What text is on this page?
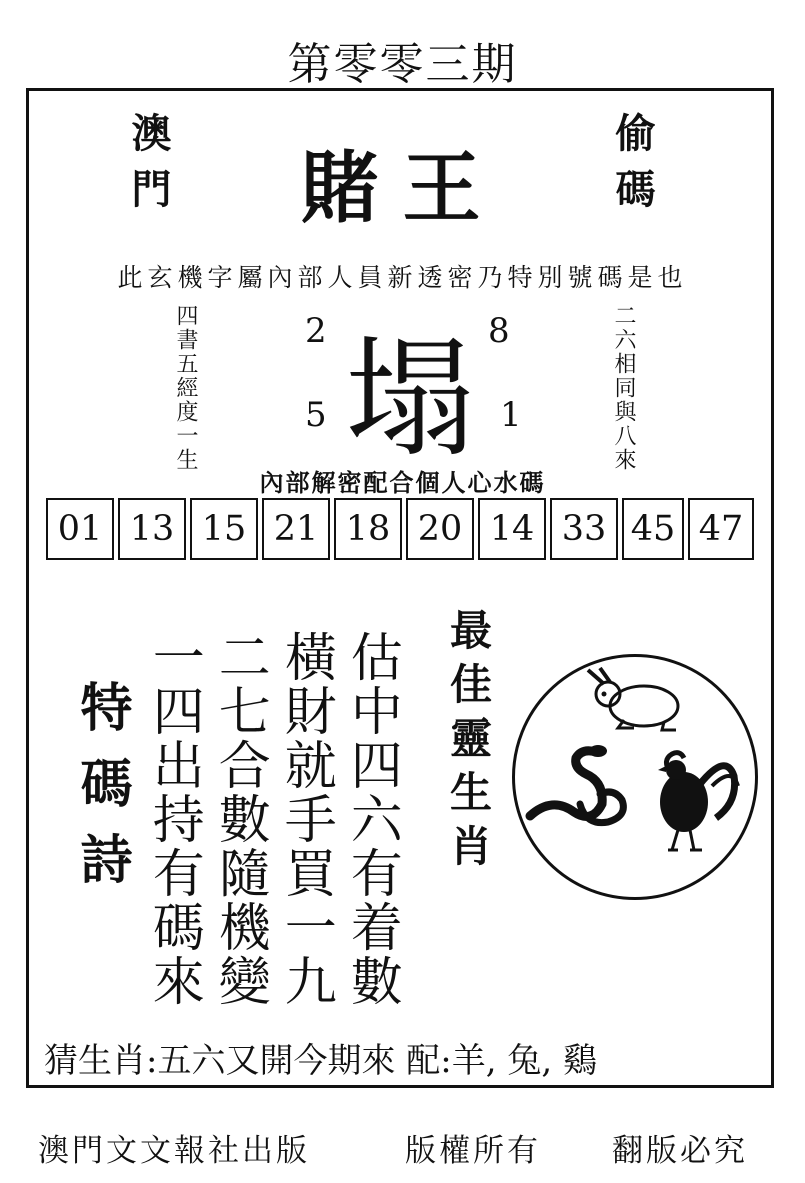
第零零三期
澳門	偷碼
賭王
此玄機字屬內部人員新透密乃特別號碼是也
四書五經度一生	二六相同與八來
2	8
5	1
塌
內部解密配合個人心水碼
01 13 15 21 18 20 14 33 45 47
特碼詩	估中四六有着數
橫財就手買一九
二七合數隨機變
一四出持有碼來	最佳靈生肖
猜生肖:五六又開今期來 配:羊, 兔, 鷄
澳門文文報社出版	版權所有 翻版必究
